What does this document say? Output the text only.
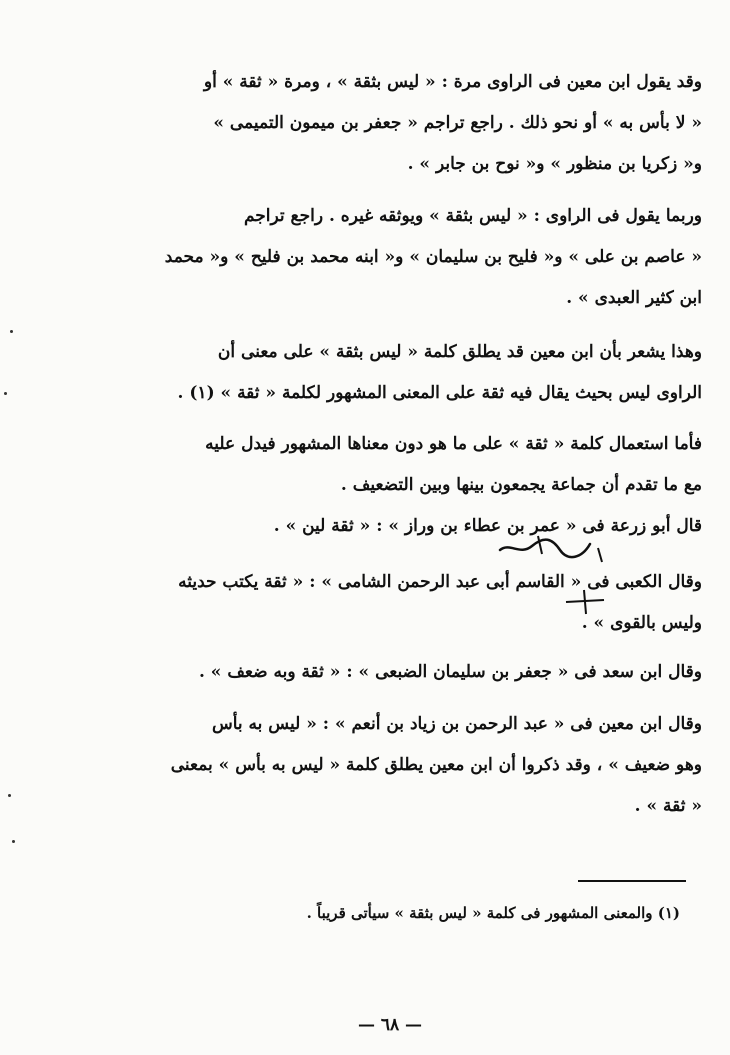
وقد يقول ابن معين فى الراوى مرة : « ليس بثقة » ، ومرة « ثقة » أو
« لا بأس به » أو نحو ذلك . راجع تراجم « جعفر بن ميمون التميمى »
و« زكريا بن منظور » و« نوح بن جابر » .
وربما يقول فى الراوى : « ليس بثقة » ويوثقه غيره . راجع تراجم
« عاصم بن على » و« فليح بن سليمان » و« ابنه محمد بن فليح » و« محمد
ابن كثير العبدى » .
وهذا يشعر بأن ابن معين قد يطلق كلمة « ليس بثقة » على معنى أن
الراوى ليس بحيث يقال فيه ثقة على المعنى المشهور لكلمة « ثقة » (١) .
فأما استعمال كلمة « ثقة » على ما هو دون معناها المشهور فيدل عليه
مع ما تقدم أن جماعة يجمعون بينها وبين التضعيف .
قال أبو زرعة فى « عمر بن عطاء بن وراز » : « ثقة لين » .
وقال الكعبى فى « القاسم أبى عبد الرحمن الشامى » : « ثقة يكتب حديثه
وليس بالقوى » .
وقال ابن سعد فى « جعفر بن سليمان الضبعى » : « ثقة وبه ضعف » .
وقال ابن معين فى « عبد الرحمن بن زياد بن أنعم » : « ليس به بأس
وهو ضعيف » ، وقد ذكروا أن ابن معين يطلق كلمة « ليس به بأس » بمعنى
« ثقة » .
(١) والمعنى المشهور فى كلمة « ليس بثقة » سيأتى قريباً .
— ٦٨ —
